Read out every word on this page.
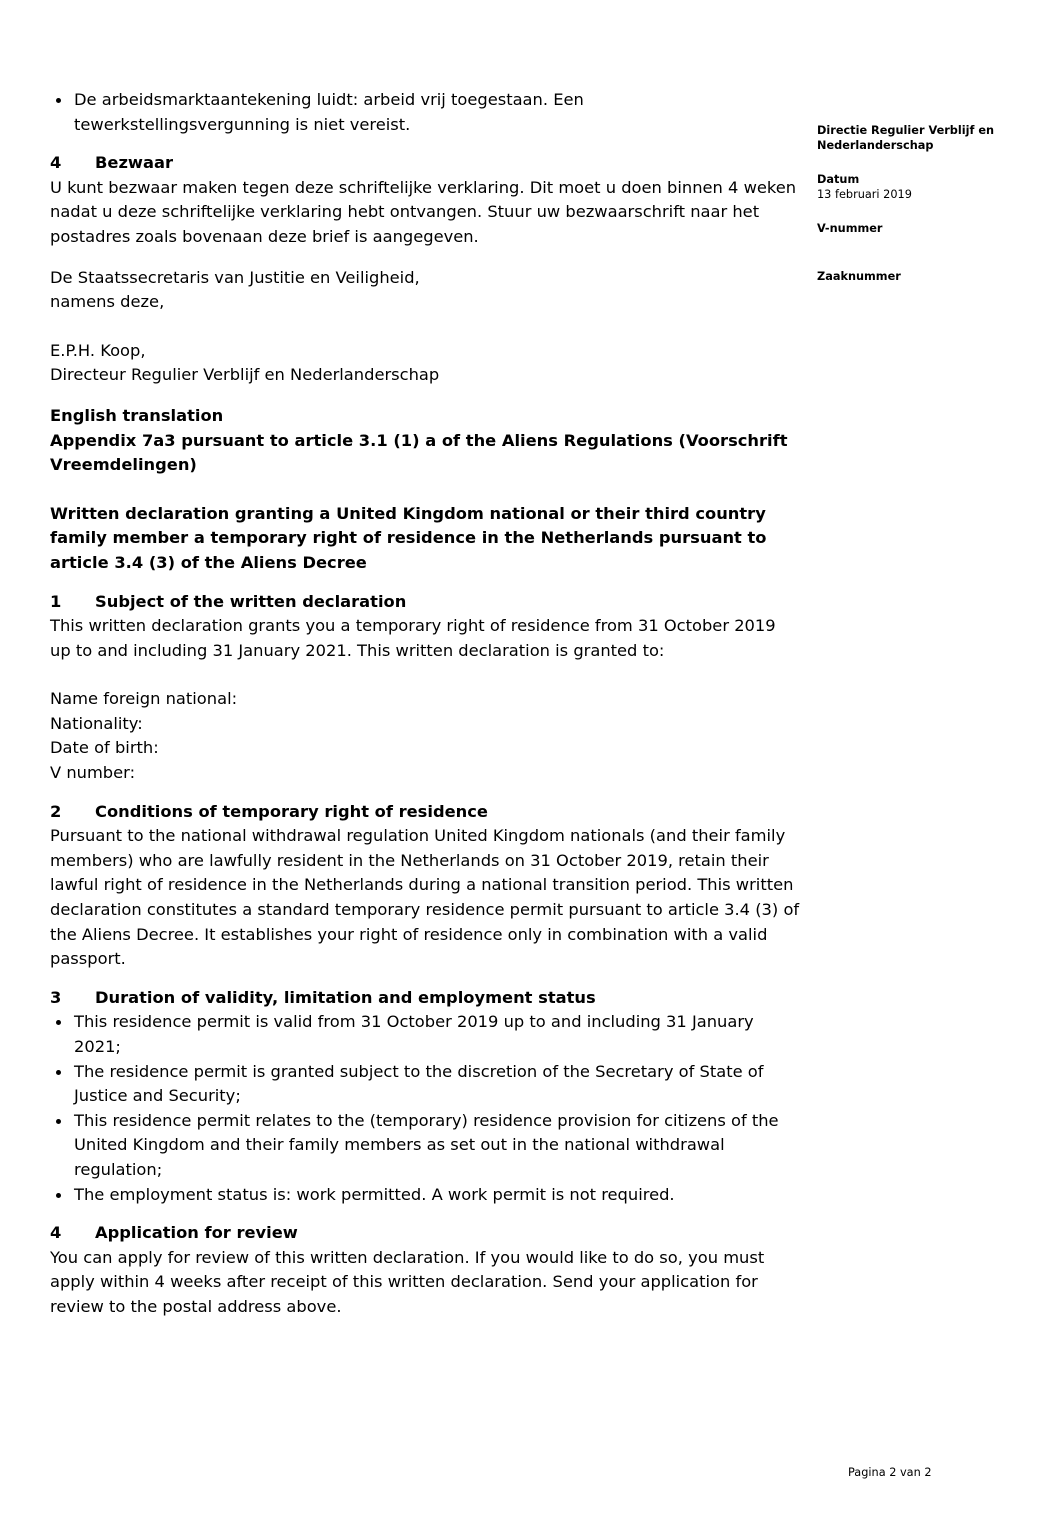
De arbeidsmarktaantekening luidt: arbeid vrij toegestaan. Een tewerkstellingsvergunning is niet vereist.

4 Bezwaar

U kunt bezwaar maken tegen deze schriftelijke verklaring. Dit moet u doen binnen 4 weken nadat u deze schriftelijke verklaring hebt ontvangen. Stuur uw bezwaarschrift naar het postadres zoals bovenaan deze brief is aangegeven.

De Staatssecretaris van Justitie en Veiligheid,

namens deze,

E.P.H. Koop,

Directeur Regulier Verblijf en Nederlanderschap

English translation

Appendix 7a3 pursuant to article 3.1 (1) a of the Aliens Regulations (Voorschrift Vreemdelingen)

Written declaration granting a United Kingdom national or their third country family member a temporary right of residence in the Netherlands pursuant to article 3.4 (3) of the Aliens Decree

1 Subject of the written declaration

This written declaration grants you a temporary right of residence from 31 October 2019 up to and including 31 January 2021. This written declaration is granted to:

Name foreign national:

Nationality:

Date of birth:

V number:

2 Conditions of temporary right of residence

Pursuant to the national withdrawal regulation United Kingdom nationals (and their family members) who are lawfully resident in the Netherlands on 31 October 2019, retain their lawful right of residence in the Netherlands during a national transition period. This written declaration constitutes a standard temporary residence permit pursuant to article 3.4 (3) of the Aliens Decree. It establishes your right of residence only in combination with a valid passport.

3 Duration of validity, limitation and employment status

This residence permit is valid from 31 October 2019 up to and including 31 January 2021;
The residence permit is granted subject to the discretion of the Secretary of State of Justice and Security;
This residence permit relates to the (temporary) residence provision for citizens of the United Kingdom and their family members as set out in the national withdrawal regulation;
The employment status is: work permitted. A work permit is not required.

4 Application for review

You can apply for review of this written declaration. If you would like to do so, you must apply within 4 weeks after receipt of this written declaration. Send your application for review to the postal address above.

Directie Regulier Verblijf en Nederlanderschap
Datum
13 februari 2019
V-nummer
Zaaknummer
Pagina 2 van 2
